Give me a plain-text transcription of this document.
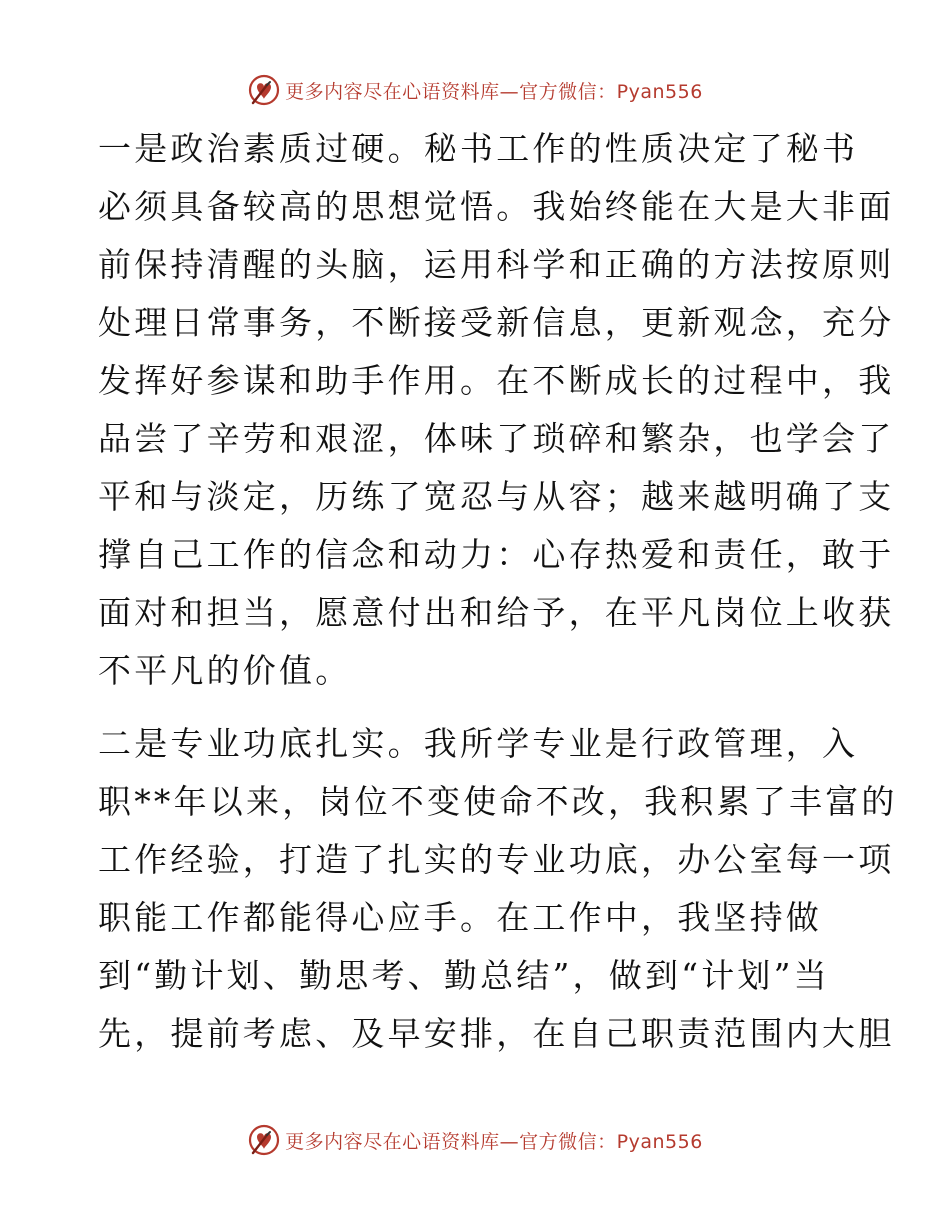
更多内容尽在心语资料库—官方微信：Pyan556
一是政治素质过硬。秘书工作的性质决定了秘书
必须具备较高的思想觉悟。我始终能在大是大非面
前保持清醒的头脑，运用科学和正确的方法按原则
处理日常事务，不断接受新信息，更新观念，充分
发挥好参谋和助手作用。在不断成长的过程中，我
品尝了辛劳和艰涩，体味了琐碎和繁杂，也学会了
平和与淡定，历练了宽忍与从容；越来越明确了支
撑自己工作的信念和动力：心存热爱和责任，敢于
面对和担当，愿意付出和给予，在平凡岗位上收获
不平凡的价值。
二是专业功底扎实。我所学专业是行政管理，入
职**年以来，岗位不变使命不改，我积累了丰富的
工作经验，打造了扎实的专业功底，办公室每一项
职能工作都能得心应手。在工作中，我坚持做
到“勤计划、勤思考、勤总结”，做到“计划”当
先，提前考虑、及早安排，在自己职责范围内大胆
更多内容尽在心语资料库—官方微信：Pyan556
